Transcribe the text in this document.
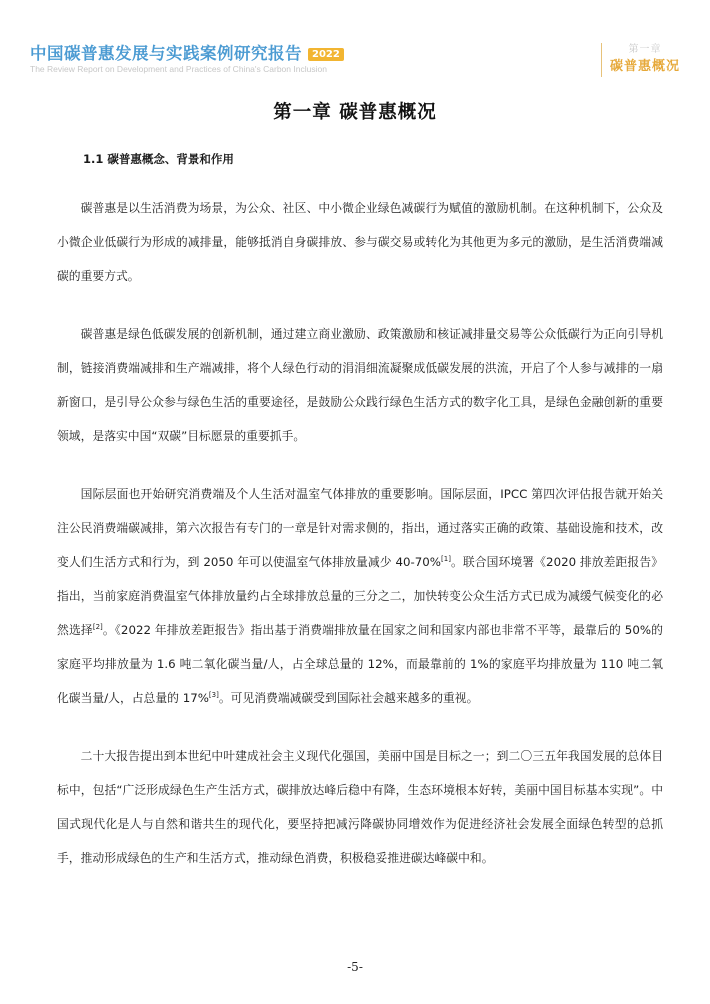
中国碳普惠发展与实践案例研究报告 2022
The Review Report on Development and Practices of China's Carbon Inclusion
第一章
碳普惠概况
第一章 碳普惠概况
1.1 碳普惠概念、背景和作用

碳普惠是以生活消费为场景，为公众、社区、中小微企业绿色减碳行为赋值的激励机制。在这种机制下，公众及小微企业低碳行为形成的减排量，能够抵消自身碳排放、参与碳交易或转化为其他更为多元的激励，是生活消费端减碳的重要方式。

碳普惠是绿色低碳发展的创新机制，通过建立商业激励、政策激励和核证减排量交易等公众低碳行为正向引导机制，链接消费端减排和生产端减排，将个人绿色行动的涓涓细流凝聚成低碳发展的洪流，开启了个人参与减排的一扇新窗口，是引导公众参与绿色生活的重要途径，是鼓励公众践行绿色生活方式的数字化工具，是绿色金融创新的重要领域，是落实中国“双碳”目标愿景的重要抓手。

国际层面也开始研究消费端及个人生活对温室气体排放的重要影响。国际层面，IPCC 第四次评估报告就开始关注公民消费端碳减排，第六次报告有专门的一章是针对需求侧的，指出，通过落实正确的政策、基础设施和技术，改变人们生活方式和行为，到 2050 年可以使温室气体排放量减少 40-70%[1]。联合国环境署《2020 排放差距报告》指出，当前家庭消费温室气体排放量约占全球排放总量的三分之二，加快转变公众生活方式已成为减缓气候变化的必然选择[2]。《2022 年排放差距报告》指出基于消费端排放量在国家之间和国家内部也非常不平等，最靠后的 50%的家庭平均排放量为 1.6 吨二氧化碳当量/人，占全球总量的 12%，而最靠前的 1%的家庭平均排放量为 110 吨二氧化碳当量/人，占总量的 17%[3]。可见消费端减碳受到国际社会越来越多的重视。

二十大报告提出到本世纪中叶建成社会主义现代化强国，美丽中国是目标之一；到二〇三五年我国发展的总体目标中，包括“广泛形成绿色生产生活方式，碳排放达峰后稳中有降，生态环境根本好转，美丽中国目标基本实现”。中国式现代化是人与自然和谐共生的现代化，要坚持把减污降碳协同增效作为促进经济社会发展全面绿色转型的总抓手，推动形成绿色的生产和生活方式，推动绿色消费，积极稳妥推进碳达峰碳中和。

-5-
